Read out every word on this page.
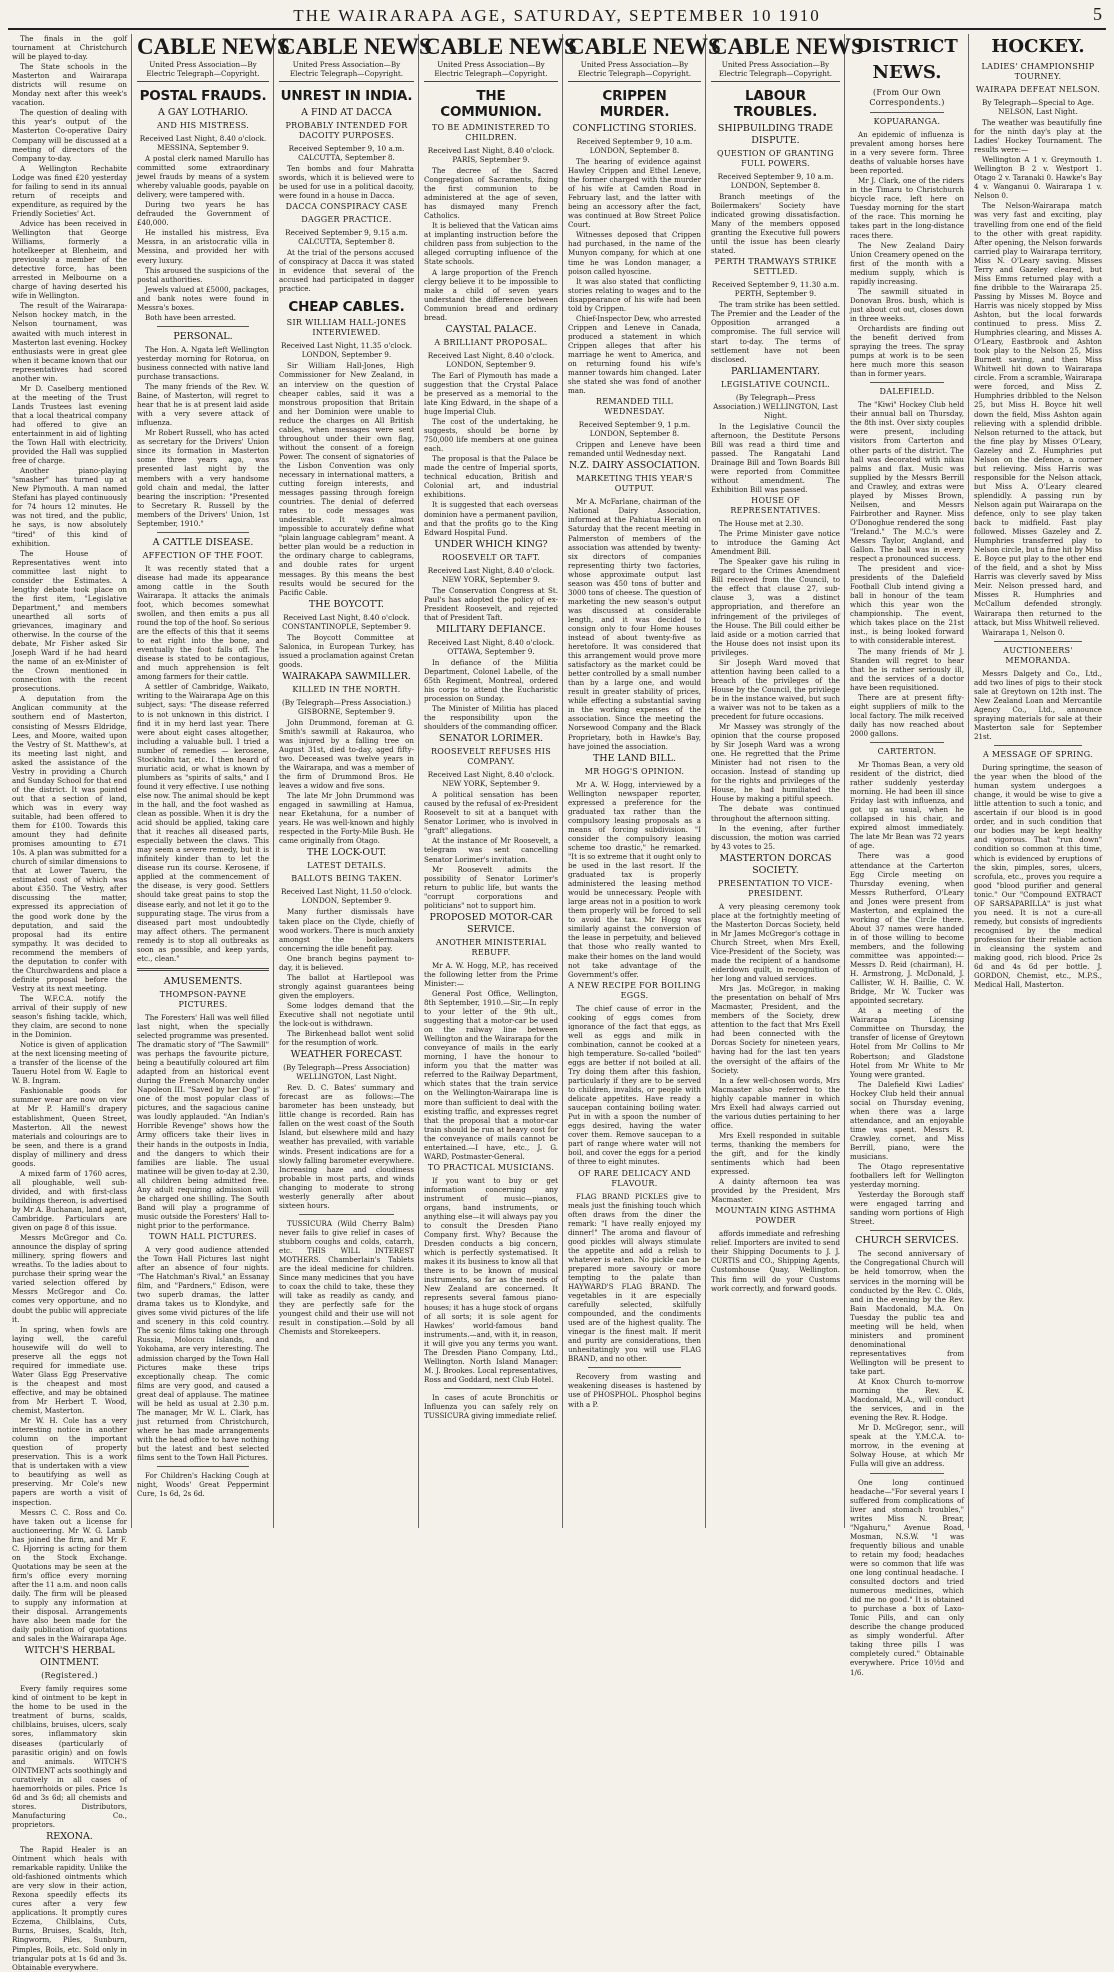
THE WAIRARAPA AGE, SATURDAY, SEPTEMBER 10 1910	5

The finals in the golf tournament at Christchurch will be played to-day.

The State schools in the Masterton and Wairarapa districts will resume on Monday next after this week's vacation.

The question of dealing with this year's output of the Masterton Co-operative Dairy Company will be discussed at a meeting of directors of the Company to-day.

A Wellington Rechabite Lodge was fined £20 yesterday for failing to send in its annual return of receipts and expenditure, as required by the Friendly Societies' Act.

Advice has been received in Wellington that George Williams, formerly a hotelkeeper at Blenheim, and previously a member of the detective force, has been arrested in Melbourne on a charge of having deserted his wife in Wellington.

The result of the Wairarapa-Nelson hockey match, in the Nelson tournament, was awaited with much interest in Masterton last evening. Hockey enthusiasts were in great glee when it became known that our representatives had scored another win.

Mr D. Caselberg mentioned at the meeting of the Trust Lands Trustees last evening that a local theatrical company had offered to give an entertainment in aid of lighting the Town Hall with electricity, provided the Hall was supplied free of charge.

Another piano-playing "smasher" has turned up at New Plymouth. A man named Stefani has played continuously for 74 hours 12 minutes. He was not tired, and the public, he says, is now absolutely "tired" of this kind of exhibition.

The House of Representatives went into committee last night to consider the Estimates. A lengthy debate took place on the first item, "Legislative Department," and members unearthed all sorts of grievances, imaginary and otherwise. In the course of the debate, Mr Fisher asked Sir Joseph Ward if he had heard the name of an ex-Minister of the Crown mentioned in connection with the recent prosecutions.

A deputation from the Anglican community at the southern end of Masterton, consisting of Messrs Eldridge, Lees, and Moore, waited upon the Vestry of St. Matthew's, at its meeting last night, and asked the assistance of the Vestry in providing a Church and Sunday School for that end of the district. It was pointed out that a section of land, which was in every way suitable, had been offered to them for £100. Towards this amount they had definite promises amounting to £71 10s. A plan was submitted for a church of similar dimensions to that at Lower Taueru, the estimated cost of which was about £350. The Vestry, after discussing the matter, expressed its appreciation of the good work done by the deputation, and said the proposal had its entire sympathy. It was decided to recommend the members of the deputation to confer with the Churchwardens and place a definite proposal before the Vestry at its next meeting.

The W.F.C.A. notify the arrival of their supply of new season's fishing tackle, which, they claim, are second to none in the Dominion.

Notice is given of application at the next licensing meeting of a transfer of the license of the Taueru Hotel from W. Eagle to W. B. Ingram.

Fashionable goods for summer wear are now on view at Mr P. Hamill's drapery establishment, Queen Street, Masterton. All the newest materials and colourings are to be seen, and there is a grand display of millinery and dress goods.

A mixed farm of 1760 acres, all ploughable, well sub-divided, and with first-class buildings thereon, is advertised by Mr A. Buchanan, land agent, Cambridge. Particulars are given on page 8 of this issue.

Messrs McGregor and Co. announce the display of spring millinery, spring flowers and wreaths. To the ladies about to purchase their spring wear the varied selection offered by Messrs McGregor and Co. comes very opportune, and no doubt the public will appreciate it.

In spring, when fowls are laying well, the careful housewife will do well to preserve all the eggs not required for immediate use. Water Glass Egg Preservative is the cheapest and most effective, and may be obtained from Mr Herbert T. Wood, chemist, Masterton.

Mr W. H. Cole has a very interesting notice in another column on the important question of property preservation. This is a work that is undertaken with a view to beautifying as well as preserving. Mr Cole's new papers are worth a visit of inspection.

Messrs C. C. Ross and Co. have taken out a license for auctioneering. Mr W. G. Lamb has joined the firm, and Mr F. C. Hjorring is acting for them on the Stock Exchange. Quotations may be seen at the firm's office every morning after the 11 a.m. and noon calls daily. The firm will be pleased to supply any information at their disposal. Arrangements have also been made for the daily publication of quotations and sales in the Wairarapa Age.

WITCH'S HERBAL OINTMENT.
(Registered.)

Every family requires some kind of ointment to be kept in the home to be used in the treatment of burns, scalds, chilblains, bruises, ulcers, scaly sores, inflammatory skin diseases (particularly of parasitic origin) and on fowls and animals. WITCH'S OINTMENT acts soothingly and curatively in all cases of haemorrhoids or piles. Price 1s 6d and 3s 6d; all chemists and stores. Distributors, Manufacturing Co., proprietors.

REXONA.

The Rapid Healer is an Ointment which heals with remarkable rapidity. Unlike the old-fashioned ointments which are very slow in their action, Rexona speedily effects its cures after a very few applications. It promptly cures Eczema, Chilblains, Cuts, Burns, Bruises, Scalds, Itch, Ringworm, Piles, Sunburn, Pimples, Boils, etc. Sold only in triangular pots at 1s 6d and 3s. Obtainable everywhere.

CABLE NEWS
United Press Association—By Electric Telegraph—Copyright.
POSTAL FRAUDS.
A GAY LOTHARIO.
AND HIS MISTRESS.
Received Last Night, 8.40 o'clock. MESSINA, September 9.

A postal clerk named Marullo has committed some extraordinary jewel frauds by means of a system whereby valuable goods, payable on delivery, were tampered with.

During two years he has defrauded the Government of £40,000.

He installed his mistress, Eva Messra, in an aristocratic villa in Messina, and provided her with every luxury.

This aroused the suspicions of the postal authorities.

Jewels valued at £5000, packages, and bank notes were found in Messra's boxes.

Both have been arrested.

PERSONAL.

The Hon. A. Ngata left Wellington yesterday morning for Rotorua, on business connected with native land purchase transactions.

The many friends of the Rev. W. Baine, of Masterton, will regret to hear that he is at present laid aside with a very severe attack of influenza.

Mr Robert Russell, who has acted as secretary for the Drivers' Union since its formation in Masterton some three years ago, was presented last night by the members with a very handsome gold chain and medal, the latter bearing the inscription: "Presented to Secretary R. Russell by the members of the Drivers' Union, 1st September, 1910."

A CATTLE DISEASE.
AFFECTION OF THE FOOT.

It was recently stated that a disease had made its appearance among cattle in the South Wairarapa. It attacks the animals foot, which becomes somewhat swollen, and then emits a pus all round the top of the hoof. So serious are the effects of this that it seems to eat right into the bone, and eventually the foot falls off. The disease is stated to be contagious, and much apprehension is felt among farmers for their cattle.

A settler of Cambridge, Waikato, writing to the Wairarapa Age on this subject, says: "The disease referred to is not unknown in this district. I find it in my herd last year. There were about eight cases altogether, including a valuable bull. I tried a number of remedies — kerosene, Stockholm tar, etc. I then heard of muriatic acid, or what is known by plumbers as "spirits of salts," and I found it very effective. I use nothing else now. The animal should be kept in the hall, and the foot washed as clean as possible. When it is dry the acid should be applied, taking care that it reaches all diseased parts, especially between the claws. This may seem a severe remedy, but it is infinitely kinder than to let the disease run its course. Kerosene, if applied at the commencement of the disease, is very good. Settlers should take great pains to stop the disease early, and not let it go to the suppurating stage. The virus from a diseased part most undoubtedly may affect others. The permanent remedy is to stop all outbreaks as soon as possible, and keep yards, etc., clean."

AMUSEMENTS.
THOMPSON-PAYNE PICTURES.

The Foresters' Hall was well filled last night, when the specially selected programme was presented. The dramatic story of "The Sawmill" was perhaps the favourite picture, being a beautifully coloured art film adapted from an historical event during the French Monarchy under Napoleon III. "Saved by her Dog" is one of the most popular class of pictures, and the sagacious canine was loudly applauded. "An Indian's Horrible Revenge" shows how the Army officers take their lives in their hands in the outposts in India, and the dangers to which their families are liable. The usual matinee will be given to-day at 2.30, all children being admitted free. Any adult requiring admission will be charged one shilling. The South Band will play a programme of music outside the Foresters' Hall to-night prior to the performance.

TOWN HALL PICTURES.

A very good audience attended the Town Hall Pictures last night after an absence of four nights. "The Hatchman's Rival," an Essanay film, and "Pardners," Edison, were two superb dramas, the latter drama takes us to Klondyke, and gives some vivid pictures of the life and scenery in this cold country. The scenic films taking one through Russia, Moloccu Islands, and Yokohama, are very interesting. The admission charged by the Town Hall Pictures make these trips exceptionally cheap. The comic films are very good, and caused a great deal of applause. The matinee will be held as usual at 2.30 p.m. The manager, Mr W. L. Clark, has just returned from Christchurch, where he has made arrangements with the head office to have nothing but the latest and best selected films sent to the Town Hall Pictures.

For Children's Hacking Cough at night, Woods' Great Peppermint Cure, 1s 6d, 2s 6d.

CABLE NEWS
United Press Association—By Electric Telegraph—Copyright.
UNREST IN INDIA.
A FIND AT DACCA
PROBABLY INTENDED FOR DACOITY PURPOSES.
Received September 9, 10 a.m. CALCUTTA, September 8.

Ten bombs and four Mahratta swords, which it is believed were to be used for use in a political dacoity, were found in a house in Dacca.

DACCA CONSPIRACY CASE
DAGGER PRACTICE.
Received September 9, 9.15 a.m. CALCUTTA, September 8.

At the trial of the persons accused of conspiracy at Dacca it was stated in evidence that several of the accused had participated in dagger practice.

CHEAP CABLES.
SIR WILLIAM HALL-JONES INTERVIEWED.
Received Last Night, 11.35 o'clock. LONDON, September 9.

Sir William Hall-Jones, High Commissioner for New Zealand, in an interview on the question of cheaper cables, said it was a monstrous proposition that Britain and her Dominion were unable to reduce the charges on All British cables, when messages were sent throughout under their own flag, without the consent of a foreign Power. The consent of signatories of the Lisbon Convention was only necessary in international matters, a cutting foreign interests, and messages passing through foreign countries. The denial of deferred rates to code messages was undesirable. It was almost impossible to accurately define what "plain language cablegram" meant. A better plan would be a reduction in the ordinary charge to cablegrams, and double rates for urgent messages. By this means the best results would be secured for the Pacific Cable.

THE BOYCOTT.
Received Last Night, 8.40 o'clock. CONSTANTINOPLE, September 9.

The Boycott Committee at Salonica, in European Turkey, has issued a proclamation against Cretan goods.

WAIRAKAPA SAWMILLER.
KILLED IN THE NORTH.
(By Telegraph—Press Association.) GISBORNE, September 9.

John Drummond, foreman at G. Smith's sawmill at Rakauroa, who was injured by a falling tree on August 31st, died to-day, aged fifty-two. Deceased was twelve years in the Wairarapa, and was a member of the firm of Drummond Bros. He leaves a widow and five sons.

The late Mr John Drummond was engaged in sawmilling at Hamua, near Eketahuna, for a number of years. He was well-known and highly respected in the Forty-Mile Bush. He came originally from Otago.

THE LOCK-OUT.
LATEST DETAILS.
BALLOTS BEING TAKEN.
Received Last Night, 11.50 o'clock. LONDON, September 9.

Many further dismissals have taken place on the Clyde, chiefly of wood workers. There is much anxiety amongst the boilermakers concerning the idle benefit pay.

One branch begins payment to-day, it is believed.

The ballot at Hartlepool was strongly against guarantees being given the employers.

Some lodges demand that the Executive shall not negotiate until the lock-out is withdrawn.

The Birkenhead ballot went solid for the resumption of work.

WEATHER FORECAST.
(By Telegraph—Press Association) WELLINGTON, Last Night.

Rev. D. C. Bates' summary and forecast are as follows:—The barometer has been unsteady, but little change is recorded. Rain has fallen on the west coast of the South Island, but elsewhere mild and hazy weather has prevailed, with variable winds. Present indications are for a slowly falling barometer everywhere. Increasing haze and cloudiness probable in most parts, and winds changing to moderate to strong westerly generally after about sixteen hours.

TUSSICURA (Wild Cherry Balm) never fails to give relief in cases of stubborn coughs and colds, catarrh, etc. THIS WILL INTEREST MOTHERS. Chamberlain's Tablets are the ideal medicine for children. Since many medicines that you have to coax the child to take, these they will take as readily as candy, and they are perfectly safe for the youngest child and their use will not result in constipation.—Sold by all Chemists and Storekeepers.

CABLE NEWS
United Press Association—By Electric Telegraph—Copyright.
THE COMMUNION.
TO BE ADMINISTERED TO CHILDREN.
Received Last Night, 8.40 o'clock. PARIS, September 9.

The decree of the Sacred Congregation of Sacraments, fixing the first communion to be administered at the age of seven, has dismayed many French Catholics.

It is believed that the Vatican aims at implanting instruction before the children pass from subjection to the alleged corrupting influence of the State schools.

A large proportion of the French clergy believe it to be impossible to make a child of seven years understand the difference between Communion bread and ordinary bread.

CAYSTAL PALACE.
A BRILLIANT PROPOSAL.
Received Last Night, 8.40 o'clock. LONDON, September 9.

The Earl of Plymouth has made a suggestion that the Crystal Palace be preserved as a memorial to the late King Edward, in the shape of a huge Imperial Club.

The cost of the undertaking, he suggests, should be borne by 750,000 life members at one guinea each.

The proposal is that the Palace be made the centre of Imperial sports, technical education, British and Colonial art, and industrial exhibitions.

It is suggested that each overseas dominion have a permanent pavilion, and that the profits go to the King Edward Hospital Fund.

UNDER WHICH KING?
ROOSEVELT OR TAFT.
Received Last Night, 8.40 o'clock. NEW YORK, September 9.

The Conservation Congress at St. Paul's has adopted the policy of ex-President Roosevelt, and rejected that of President Taft.

MILITARY DEFIANCE.
Received Last Night, 8.40 o'clock. OTTAWA, September 9.

In defiance of the Militia Department, Colonel Labelle, of the 65th Regiment, Montreal, ordered his corps to attend the Eucharistic procession on Sunday.

The Minister of Militia has placed the responsibility upon the shoulders of the commanding officer.

SENATOR LORIMER.
ROOSEVELT REFUSES HIS COMPANY.
Received Last Night, 8.40 o'clock. NEW YORK, September 9.

A political sensation has been caused by the refusal of ex-President Roosevelt to sit at a banquet with Senator Lorimer, who is involved in "graft" allegations.

At the instance of Mr Roosevelt, a telegram was sent cancelling Senator Lorimer's invitation.

Mr Roosevelt admits the possibility of Senator Lorimer's return to public life, but wants the "corrupt corporations and politicians" not to support him.

PROPOSED MOTOR-CAR SERVICE.
ANOTHER MINISTERIAL REBUFF.

Mr A. W. Hogg, M.P., has received the following letter from the Prime Minister:—

General Post Office, Wellington, 8th September, 1910.—Sir,—In reply to your letter of the 9th ult., suggesting that a motor-car be used on the railway line between Wellington and the Wairarapa for the conveyance of mails in the early morning, I have the honour to inform you that the matter was referred to the Railway Department, which states that the train service on the Wellington-Wairarapa line is more than sufficient to deal with the existing traffic, and expresses regret that the proposal that a motor-car train should be run at heavy cost for the conveyance of mails cannot be entertained.—I have, etc., J. G. WARD, Postmaster-General.

TO PRACTICAL MUSICIANS.

If you want to buy or get information concerning any instrument of music—pianos, organs, band instruments, or anything else—it will always pay you to consult the Dresden Piano Company first. Why? Because the Dresden conducts a big concern, which is perfectly systematised. It makes it its business to know all that there is to be known of musical instruments, so far as the needs of New Zealand are concerned. It represents several famous piano-houses; it has a huge stock of organs of all sorts; it is sole agent for Hawkes' world-famous band instruments.—and, with it, in reason, it will give you any terms you want. The Dresden Piano Company, Ltd., Wellington. North Island Manager: M. J. Brookes. Local representatives, Ross and Goddard, next Club Hotel.

In cases of acute Bronchitis or Influenza you can safely rely on TUSSICURA giving immediate relief.

CABLE NEWS
United Press Association—By Electric Telegraph—Copyright.
CRIPPEN MURDER.
CONFLICTING STORIES.
Received September 9, 10 a.m. LONDON, September 8.

The hearing of evidence against Hawley Crippen and Ethel Leneve, the former charged with the murder of his wife at Camden Road in February last, and the latter with being an accessory after the fact, was continued at Bow Street Police Court.

Witnesses deposed that Crippen had purchased, in the name of the Munyon company, for which at one time he was London manager, a poison called hyoscine.

It was also stated that conflicting stories relating to wages and to the disappearance of his wife had been told by Crippen.

Chief-Inspector Dew, who arrested Crippen and Leneve in Canada, produced a statement in which Crippen alleges that after his marriage he went to America, and on returning found his wife's manner towards him changed. Later she stated she was fond of another man.

REMANDED TILL WEDNESDAY.
Received September 9, 1 p.m. LONDON, September 8.

Crippen and Leneve have been remanded until Wednesday next.

N.Z. DAIRY ASSOCIATION.
MARKETING THIS YEAR'S OUTPUT.

Mr A. McFarlane, chairman of the National Dairy Association, informed at the Pahiatua Herald on Saturday that the recent meeting in Palmerston of members of the association was attended by twenty-six directors of companies representing thirty two factories, whose approximate output last season was 450 tons of butter and 3000 tons of cheese. The question of marketing the new season's output was discussed at considerable length, and it was decided to consign only to four Home houses instead of about twenty-five as heretofore. It was considered that this arrangement would prove more satisfactory as the market could be better controlled by a small number than by a large one, and would result in greater stability of prices, while effecting a substantial saving in the working expenses of the association. Since the meeting the Norsewood Company and the Black Proprietary, both in Hawke's Bay, have joined the association.

THE LAND BILL.
MR HOGG'S OPINION.

Mr A. W. Hogg, interviewed by a Wellington newspaper reporter, expressed a preference for the graduated tax rather than the compulsory leasing proposals as a means of forcing subdivision. "I consider the compulsory leasing scheme too drastic," he remarked. "It is so extreme that it ought only to be used in the last resort. If the graduated tax is properly administered the leasing method would be unnecessary. People with large areas not in a position to work them properly will be forced to sell to avoid the tax. Mr Hogg was similarly against the conversion of the lease in perpetuity, and believed that those who really wanted to make their homes on the land would not take advantage of the Government's offer.

A NEW RECIPE FOR BOILING EGGS.

The chief cause of error in the cooking of eggs comes from ignorance of the fact that eggs, as well as eggs and milk in combination, cannot be cooked at a high temperature. So-called "boiled" eggs are better if not boiled at all. Try doing them after this fashion, particularly if they are to be served to children, invalids, or people with delicate appetites. Have ready a saucepan containing boiling water. Put in with a spoon the number of eggs desired, having the water cover them. Remove saucepan to a part of range where water will not boil, and cover the eggs for a period of three to eight minutes.

OF RARE DELICACY AND FLAVOUR.

FLAG BRAND PICKLES give to meals just the finishing touch which often draws from the diner the remark: "I have really enjoyed my dinner!" The aroma and flavour of good pickles will always stimulate the appetite and add a relish to whatever is eaten. No pickle can be prepared more savoury or more tempting to the palate than HAYWARD'S FLAG BRAND. The vegetables in it are especially carefully selected, skilfully compounded, and the condiments used are of the highest quality. The vinegar is the finest malt. If merit and purity are considerations, then unhesitatingly you will use FLAG BRAND, and no other.

Recovery from wasting and weakening diseases is hastened by use of PHOSPHOL. Phosphol begins with a P.

CABLE NEWS
United Press Association—By Electric Telegraph—Copyright.
LABOUR TROUBLES.
SHIPBUILDING TRADE DISPUTE.
QUESTION OF GRANTING FULL POWERS.
Received September 9, 10 a.m. LONDON, September 8.

Branch meetings of the Boilermakers' Society have indicated growing dissatisfaction. Many of the members opposed granting the Executive full powers until the issue has been clearly stated.

PERTH TRAMWAYS STRIKE SETTLED.
Received September 9, 11.30 a.m. PERTH, September 9.

The tram strike has been settled. The Premier and the Leader of the Opposition arranged a compromise. The full service will start to-day. The terms of settlement have not been disclosed.

PARLIAMENTARY.
LEGISLATIVE COUNCIL.
(By Telegraph—Press Association.) WELLINGTON, Last Night.

In the Legislative Council the afternoon, the Destitute Persons Bill was read a third time and passed. The Rangatahi Land Drainage Bill and Town Boards Bill were reported from Committee without amendment. The Exhibition Bill was passed.

HOUSE OF REPRESENTATIVES.

The House met at 2.30.

The Prime Minister gave notice to introduce the Gaming Act Amendment Bill.

The Speaker gave his ruling in regard to the Crimes Amendment Bill received from the Council, to the effect that clause 27, sub-clause 3, was a distinct appropriation, and therefore an infringement of the privileges of the House. The Bill could either be laid aside or a motion carried that the House does not insist upon its privileges.

Sir Joseph Ward moved that attention having been called to a breach of the privileges of the House by the Council, the privilege be in the instance waived, but such a waiver was not to be taken as a precedent for future occasions.

Mr Massey was strongly of the opinion that the course proposed by Sir Joseph Ward was a wrong one. He regretted that the Prime Minister had not risen to the occasion. Instead of standing up for the rights and privileges of the House, he had humiliated the House by making a pitiful speech.

The debate was continued throughout the afternoon sitting.

In the evening, after further discussion, the motion was carried by 43 votes to 25.

MASTERTON DORCAS SOCIETY.
PRESENTATION TO VICE-PRESIDENT.

A very pleasing ceremony took place at the fortnightly meeting of the Masterton Dorcas Society, held in Mr James McGregor's cottage in Church Street, when Mrs Exell, Vice-President of the Society, was made the recipient of a handsome eiderdown quilt, in recognition of her long and valued services.

Mrs Jas. McGregor, in making the presentation on behalf of Mrs Macmaster, President, and the members of the Society, drew attention to the fact that Mrs Exell had been connected with the Dorcas Society for nineteen years, having had for the last ten years the oversight of the affairs of the Society.

In a few well-chosen words, Mrs Macmaster also referred to the highly capable manner in which Mrs Exell had always carried out the various duties pertaining to her office.

Mrs Exell responded in suitable terms, thanking the members for the gift, and for the kindly sentiments which had been expressed.

A dainty afternoon tea was provided by the President, Mrs Macmaster.

MOUNTAIN KING ASTHMA POWDER

affords immediate and refreshing relief. Importers are invited to send their Shipping Documents to J. J. CURTIS and CO., Shipping Agents, Customhouse Quay, Wellington. This firm will do your Customs work correctly, and forward goods.

DISTRICT NEWS.
(From Our Own Correspondents.)
KOPUARANGA.

An epidemic of influenza is prevalent among horses here in a very severe form. Three deaths of valuable horses have been reported.

Mr J. Clark, one of the riders in the Timaru to Christchurch bicycle race, left here on Tuesday morning for the start of the race. This morning he takes part in the long-distance races there.

The New Zealand Dairy Union Creamery opened on the first of the month with a medium supply, which is rapidly increasing.

The sawmill situated in Donovan Bros. bush, which is just about cut out, closes down in three weeks.

Orchardists are finding out the benefit derived from spraying the trees. The spray pumps at work is to be seen here much more this season than in former years.

DALEFIELD.

The "Kiwi" Hockey Club held their annual ball on Thursday, the 8th inst. Over sixty couples were present, including visitors from Carterton and other parts of the district. The hall was decorated with nikau palms and flax. Music was supplied by the Messrs Berrill and Crawley, and extras were played by Misses Brown, Neilsen, and Messrs Fairbrother and Rayner. Miss O'Donoghue rendered the song "Ireland." The M.C.'s were Messrs Taylor, Angland, and Gallon. The ball was in every respect a pronounced success.

The president and vice-presidents of the Dalefield Football Club intend giving a ball in honour of the team which this year won the championship. The event, which takes place on the 21st inst., is being looked forward to with considerable interest.

The many friends of Mr J. Standen will regret to hear that he is rather seriously ill, and the services of a doctor have been requisitioned.

There are at present fifty-eight suppliers of milk to the local factory. The milk received daily has now reached about 2000 gallons.

CARTERTON.

Mr Thomas Bean, a very old resident of the district, died rather suddenly yesterday morning. He had been ill since Friday last with influenza, and got up as usual, when he collapsed in his chair, and expired almost immediately. The late Mr Bean was 72 years of age.

There was a good attendance at the Carterton Egg Circle meeting on Thursday evening, when Messrs Rutherford, O'Leary and Jones were present from Masterton, and explained the working of the Circle there. About 37 names were handed in of those willing to become members, and the following committee was appointed:—Messrs D. Reid (chairman), H. H. Armstrong, J. McDonald, J. Callister, W. H. Baillie, C. W. Bridge, Mr W. Tucker was appointed secretary.

At a meeting of the Wairarapa Licensing Committee on Thursday, the transfer of license of Greytown Hotel from Mr Collins to Mr Robertson; and Gladstone Hotel from Mr White to Mr Young were granted.

The Dalefield Kiwi Ladies' Hockey Club held their annual social on Thursday evening, when there was a large attendance, and an enjoyable time was spent. Messrs R. Crawley, cornet, and Miss Berrill, piano, were the musicians.

The Otago representative footballers left for Wellington yesterday morning.

Yesterday the Borough staff were engaged tarring and sanding worn portions of High Street.

CHURCH SERVICES.

The second anniversary of the Congregational Church will be held tomorrow, when the services in the morning will be conducted by the Rev. C. Olds, and in the evening by the Rev. Bain Macdonald, M.A. On Tuesday the public tea and meeting will be held, when ministers and prominent denominational representatives from Wellington will be present to take part.

At Knox Church to-morrow morning the Rev. K. Macdonald, M.A., will conduct the services, and in the evening the Rev. R. Hodge.

Mr D. McGregor, senr., will speak at the Y.M.C.A. to-morrow, in the evening at Solway House, at which Mr Fulla will give an address.

One long continued headache—"For several years I suffered from complications of liver and stomach troubles," writes Miss N. Brear, "Ngahuru," Avenue Road, Mosman, N.S.W. "I was frequently bilious and unable to retain my food; headaches were so common that life was one long continual headache. I consulted doctors and tried numerous medicines, which did me no good." It is obtained to purchase a box of Laxo-Tonic Pills, and can only describe the change produced as simply wonderful. After taking three pills I was completely cured." Obtainable everywhere. Price 10½d and 1/6.

HOCKEY.
LADIES' CHAMPIONSHIP TOURNEY.
WAIRAPA DEFEAT NELSON.
By Telegraph—Special to Age. NELSON, Last Night.

The weather was beautifully fine for the ninth day's play at the Ladies' Hockey Tournament. The results were:—

Wellington A 1 v. Greymouth 1. Wellington B 2 v. Westport 1. Otago 2 v. Taranaki 0. Hawke's Bay 4 v. Wanganui 0. Wairarapa 1 v. Nelson 0.

The Nelson-Wairarapa match was very fast and exciting, play travelling from one end of the field to the other with great rapidity. After opening, the Nelson forwards carried play to Wairarapa territory, Miss N. O'Leary saving. Misses Terry and Gazeley cleared, but Miss Emms returned play with a fine dribble to the Wairarapa 25. Passing by Misses M. Boyce and Harris was nicely stopped by Miss Ashton, but the local forwards continued to press. Miss Z. Humphries clearing, and Misses A. O'Leary, Eastbrook and Ashton took play to the Nelson 25, Miss Burnett saving, and then Miss Whitwell hit down to Wairarapa circle. From a scramble, Wairarapa were forced, and Miss Z. Humphries dribbled to the Nelson 25, but Miss H. Boyce hit well down the field, Miss Ashton again relieving with a splendid dribble. Nelson returned to the attack, but the fine play by Misses O'Leary, Gazeley and Z. Humphries put Nelson on the defence, a corner but relieving. Miss Harris was responsible for the Nelson attack, but Miss A. O'Leary cleared splendidly. A passing run by Nelson again put Wairarapa on the defence, only to see play taken back to midfield. Fast play followed. Misses Gazeley and Z. Humphries transferred play to Nelson circle, but a fine hit by Miss E. Boyce put play to the other end of the field, and a shot by Miss Harris was cleverly saved by Miss Meir. Nelson pressed hard, and Misses R. Humphries and McCallum defended strongly. Wairarapa then returned to the attack, but Miss Whitwell relieved.

Wairarapa 1, Nelson 0.

AUCTIONEERS' MEMORANDA.

Messrs Dalgety and Co., Ltd., add two lines of pigs to their stock sale at Greytown on 12th inst. The New Zealand Loan and Mercantile Agency Co., Ltd., announce spraying materials for sale at their Masterton sale for September 21st.

A MESSAGE OF SPRING.

During springtime, the season of the year when the blood of the human system undergoes a change, it would be wise to give a little attention to such a tonic, and ascertain if our blood is in good order, and in such condition that our bodies may be kept healthy and vigorous. That "run down" condition so common at this time, which is evidenced by eruptions of the skin, pimples, sores, ulcers, scrofula, etc., proves you require a good "blood purifier and general tonic." Our "Compound EXTRACT OF SARSAPARILLA" is just what you need. It is not a cure-all remedy, but consists of ingredients recognised by the medical profession for their reliable action in cleansing the system and making good, rich blood. Price 2s 6d and 4s 6d per bottle. J. GORDON, Chemist, etc., M.P.S., Medical Hall, Masterton.
